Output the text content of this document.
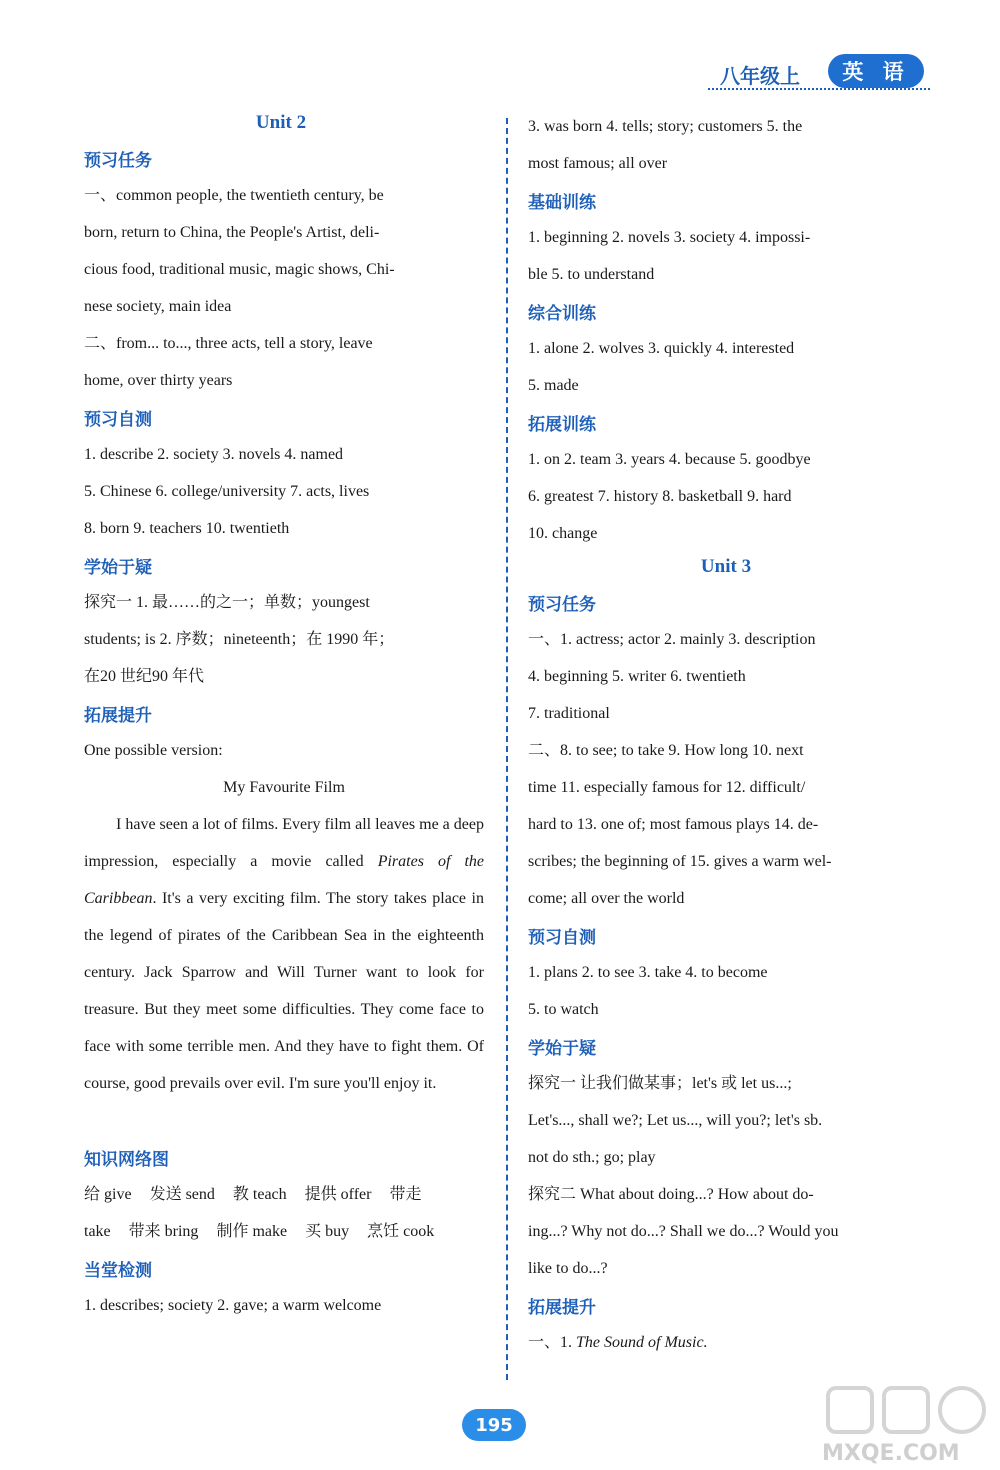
八年级上	英 语
Unit 2
预习任务
一、common people, the twentieth century, be
born, return to China, the People's Artist, deli-
cious food, traditional music, magic shows, Chi-
nese society, main idea
二、from... to..., three acts, tell a story, leave
home, over thirty years
预习自测
1. describe 2. society 3. novels 4. named
5. Chinese 6. college/university 7. acts, lives
8. born 9. teachers 10. twentieth
学始于疑
探究一 1. 最……的之一；单数；youngest
students; is 2. 序数；nineteenth；在 1990 年；
在20 世纪90 年代
拓展提升
One possible version:
My Favourite Film
I have seen a lot of films. Every film all leaves me a deep impression, especially a movie called Pirates of the Caribbean. It's a very exciting film. The story takes place in the legend of pirates of the Caribbean Sea in the eighteenth century. Jack Sparrow and Will Turner want to look for treasure. But they meet some difficulties. They come face to face with some terrible men. And they have to fight them. Of course, good prevails over evil. I'm sure you'll enjoy it.
知识网络图
给 give 发送 send 教 teach 提供 offer 带走
take 带来 bring 制作 make 买 buy 烹饪 cook
当堂检测
1. describes; society 2. gave; a warm welcome
3. was born 4. tells; story; customers 5. the
most famous; all over
基础训练
1. beginning 2. novels 3. society 4. impossi-
ble 5. to understand
综合训练
1. alone 2. wolves 3. quickly 4. interested
5. made
拓展训练
1. on 2. team 3. years 4. because 5. goodbye
6. greatest 7. history 8. basketball 9. hard
10. change
Unit 3
预习任务
一、1. actress; actor 2. mainly 3. description
4. beginning 5. writer 6. twentieth
7. traditional
二、8. to see; to take 9. How long 10. next
time 11. especially famous for 12. difficult/
hard to 13. one of; most famous plays 14. de-
scribes; the beginning of 15. gives a warm wel-
come; all over the world
预习自测
1. plans 2. to see 3. take 4. to become
5. to watch
学始于疑
探究一 让我们做某事；let's 或 let us...;
Let's..., shall we?; Let us..., will you?; let's sb.
not do sth.; go; play
探究二 What about doing...? How about do-
ing...? Why not do...? Shall we do...? Would you
like to do...?
拓展提升
一、1. The Sound of Music.
195
MXQE.COM
